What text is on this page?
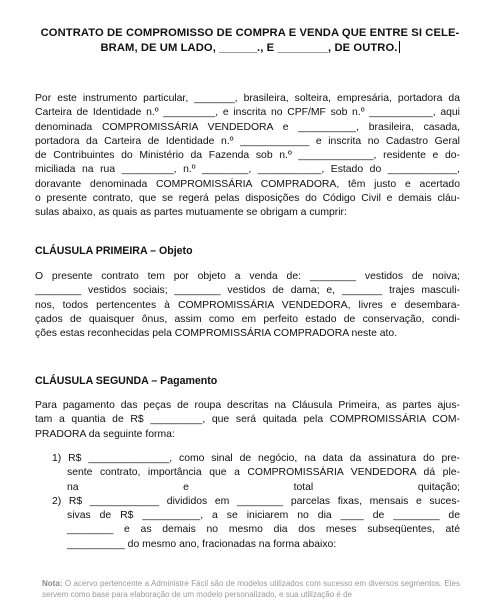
CONTRATO DE COMPROMISSO DE COMPRA E VENDA QUE ENTRE SI CELE-
BRAM, DE UM LADO, ______., E ________, DE OUTRO.
Por este instrumento particular, _______, brasileira, solteira, empresária, portadora da
Carteira de Identidade n.º _________, e inscrita no CPF/MF sob n.º ___________, aqui
denominada COMPROMISSÁRIA VENDEDORA e __________, brasileira, casada,
portadora da Carteira de Identidade n.º ____________ e inscrita no Cadastro Geral
de Contribuintes do Ministério da Fazenda sob n.º _____________, residente e do-
miciliada na rua _________, n.º ________, ___________, Estado do ____________,
doravante denominada COMPROMISSÁRIA COMPRADORA, têm justo e acertado
o presente contrato, que se regerá pelas disposições do Código Civil e demais cláu-
sulas abaixo, as quais as partes mutuamente se obrigam a cumprir:
CLÁUSULA PRIMEIRA – Objeto
O presente contrato tem por objeto a venda de: ________ vestidos de noiva;
________ vestidos sociais; ________ vestidos de dama; e, _______ trajes masculi-
nos, todos pertencentes à COMPROMISSÁRIA VENDEDORA, livres e desembara-
çados de quaisquer ônus, assim como em perfeito estado de conservação, condi-
ções estas reconhecidas pela COMPROMISSÁRIA COMPRADORA neste ato.
CLÁUSULA SEGUNDA – Pagamento
Para pagamento das peças de roupa descritas na Cláusula Primeira, as partes ajus-
tam a quantia de R$ _________, que será quitada pela COMPROMISSÁRIA COM-
PRADORA da seguinte forma:
1) R$ ______________, como sinal de negócio, na data da assinatura do pre-
sente contrato, importância que a COMPROMISSÁRIA VENDEDORA dá ple-
na e total quitação;
2) R$ ____________ divididos em ________ parcelas fixas, mensais e suces-
sivas de R$ __________, a se iniciarem no dia ____ de ________ de
________ e as demais no mesmo dia dos meses subseqüentes, até
__________ do mesmo ano, fracionadas na forma abaixo:
Nota: O acervo pertencente a Administre Fácil são de modelos utilizados com sucesso em diversos segmentos. Eles servem como base para elaboração de um modelo personalizado, e sua utilização é de
